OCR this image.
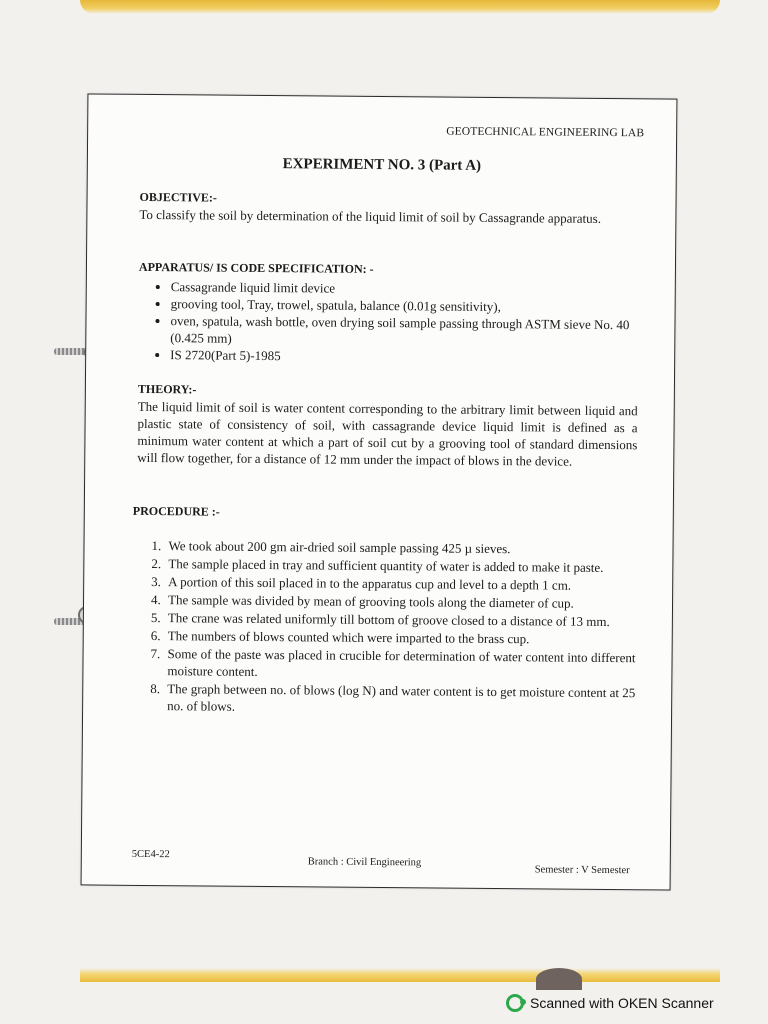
GEOTECHNICAL ENGINEERING LAB
EXPERIMENT NO. 3 (Part A)

OBJECTIVE:-

To classify the soil by determination of the liquid limit of soil by Cassagrande apparatus.

APPARATUS/ IS CODE SPECIFICATION: -

• Cassagrande liquid limit device
• grooving tool, Tray, trowel, spatula, balance (0.01g sensitivity),
• oven, spatula, wash bottle, oven drying soil sample passing through ASTM sieve No. 40 (0.425 mm)
• IS 2720(Part 5)-1985

THEORY:-

The liquid limit of soil is water content corresponding to the arbitrary limit between liquid and plastic state of consistency of soil, with cassagrande device liquid limit is defined as a minimum water content at which a part of soil cut by a grooving tool of standard dimensions will flow together, for a distance of 12 mm under the impact of blows in the device.

PROCEDURE :-

1. We took about 200 gm air-dried soil sample passing 425 µ sieves.
2. The sample placed in tray and sufficient quantity of water is added to make it paste.
3. A portion of this soil placed in to the apparatus cup and level to a depth 1 cm.
4. The sample was divided by mean of grooving tools along the diameter of cup.
5. The crane was related uniformly till bottom of groove closed to a distance of 13 mm.
6. The numbers of blows counted which were imparted to the brass cup.
7. Some of the paste was placed in crucible for determination of water content into different moisture content.
8. The graph between no. of blows (log N) and water content is to get moisture content at 25 no. of blows.
5CE4-22
Branch : Civil Engineering
Semester : V Semester
Scanned with OKEN Scanner
